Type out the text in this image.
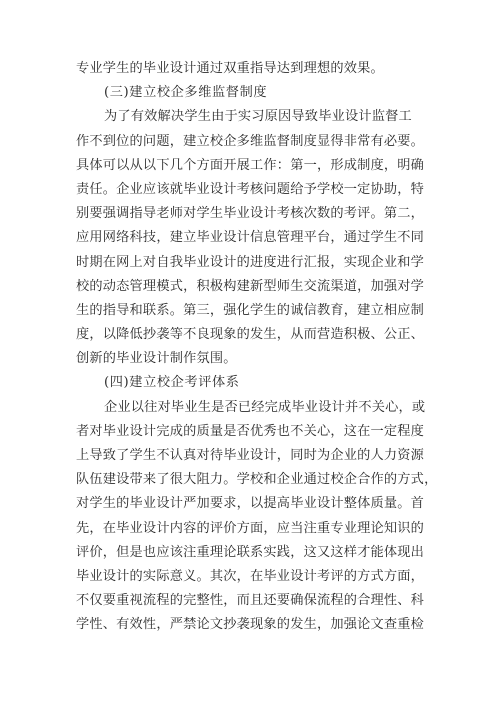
专业学生的毕业设计通过双重指导达到理想的效果。
(三)建立校企多维监督制度
为了有效解决学生由于实习原因导致毕业设计监督工
作不到位的问题，建立校企多维监督制度显得非常有必要。
具体可以从以下几个方面开展工作：第一，形成制度，明确
责任。企业应该就毕业设计考核问题给予学校一定协助，特
别要强调指导老师对学生毕业设计考核次数的考评。第二，
应用网络科技，建立毕业设计信息管理平台，通过学生不同
时期在网上对自我毕业设计的进度进行汇报，实现企业和学
校的动态管理模式，积极构建新型师生交流渠道，加强对学
生的指导和联系。第三，强化学生的诚信教育，建立相应制
度，以降低抄袭等不良现象的发生，从而营造积极、公正、
创新的毕业设计制作氛围。
(四)建立校企考评体系
企业以往对毕业生是否已经完成毕业设计并不关心，或
者对毕业设计完成的质量是否优秀也不关心，这在一定程度
上导致了学生不认真对待毕业设计，同时为企业的人力资源
队伍建设带来了很大阻力。学校和企业通过校企合作的方式，
对学生的毕业设计严加要求，以提高毕业设计整体质量。首
先，在毕业设计内容的评价方面，应当注重专业理论知识的
评价，但是也应该注重理论联系实践，这又这样才能体现出
毕业设计的实际意义。其次，在毕业设计考评的方式方面，
不仅要重视流程的完整性，而且还要确保流程的合理性、科
学性、有效性，严禁论文抄袭现象的发生，加强论文查重检
